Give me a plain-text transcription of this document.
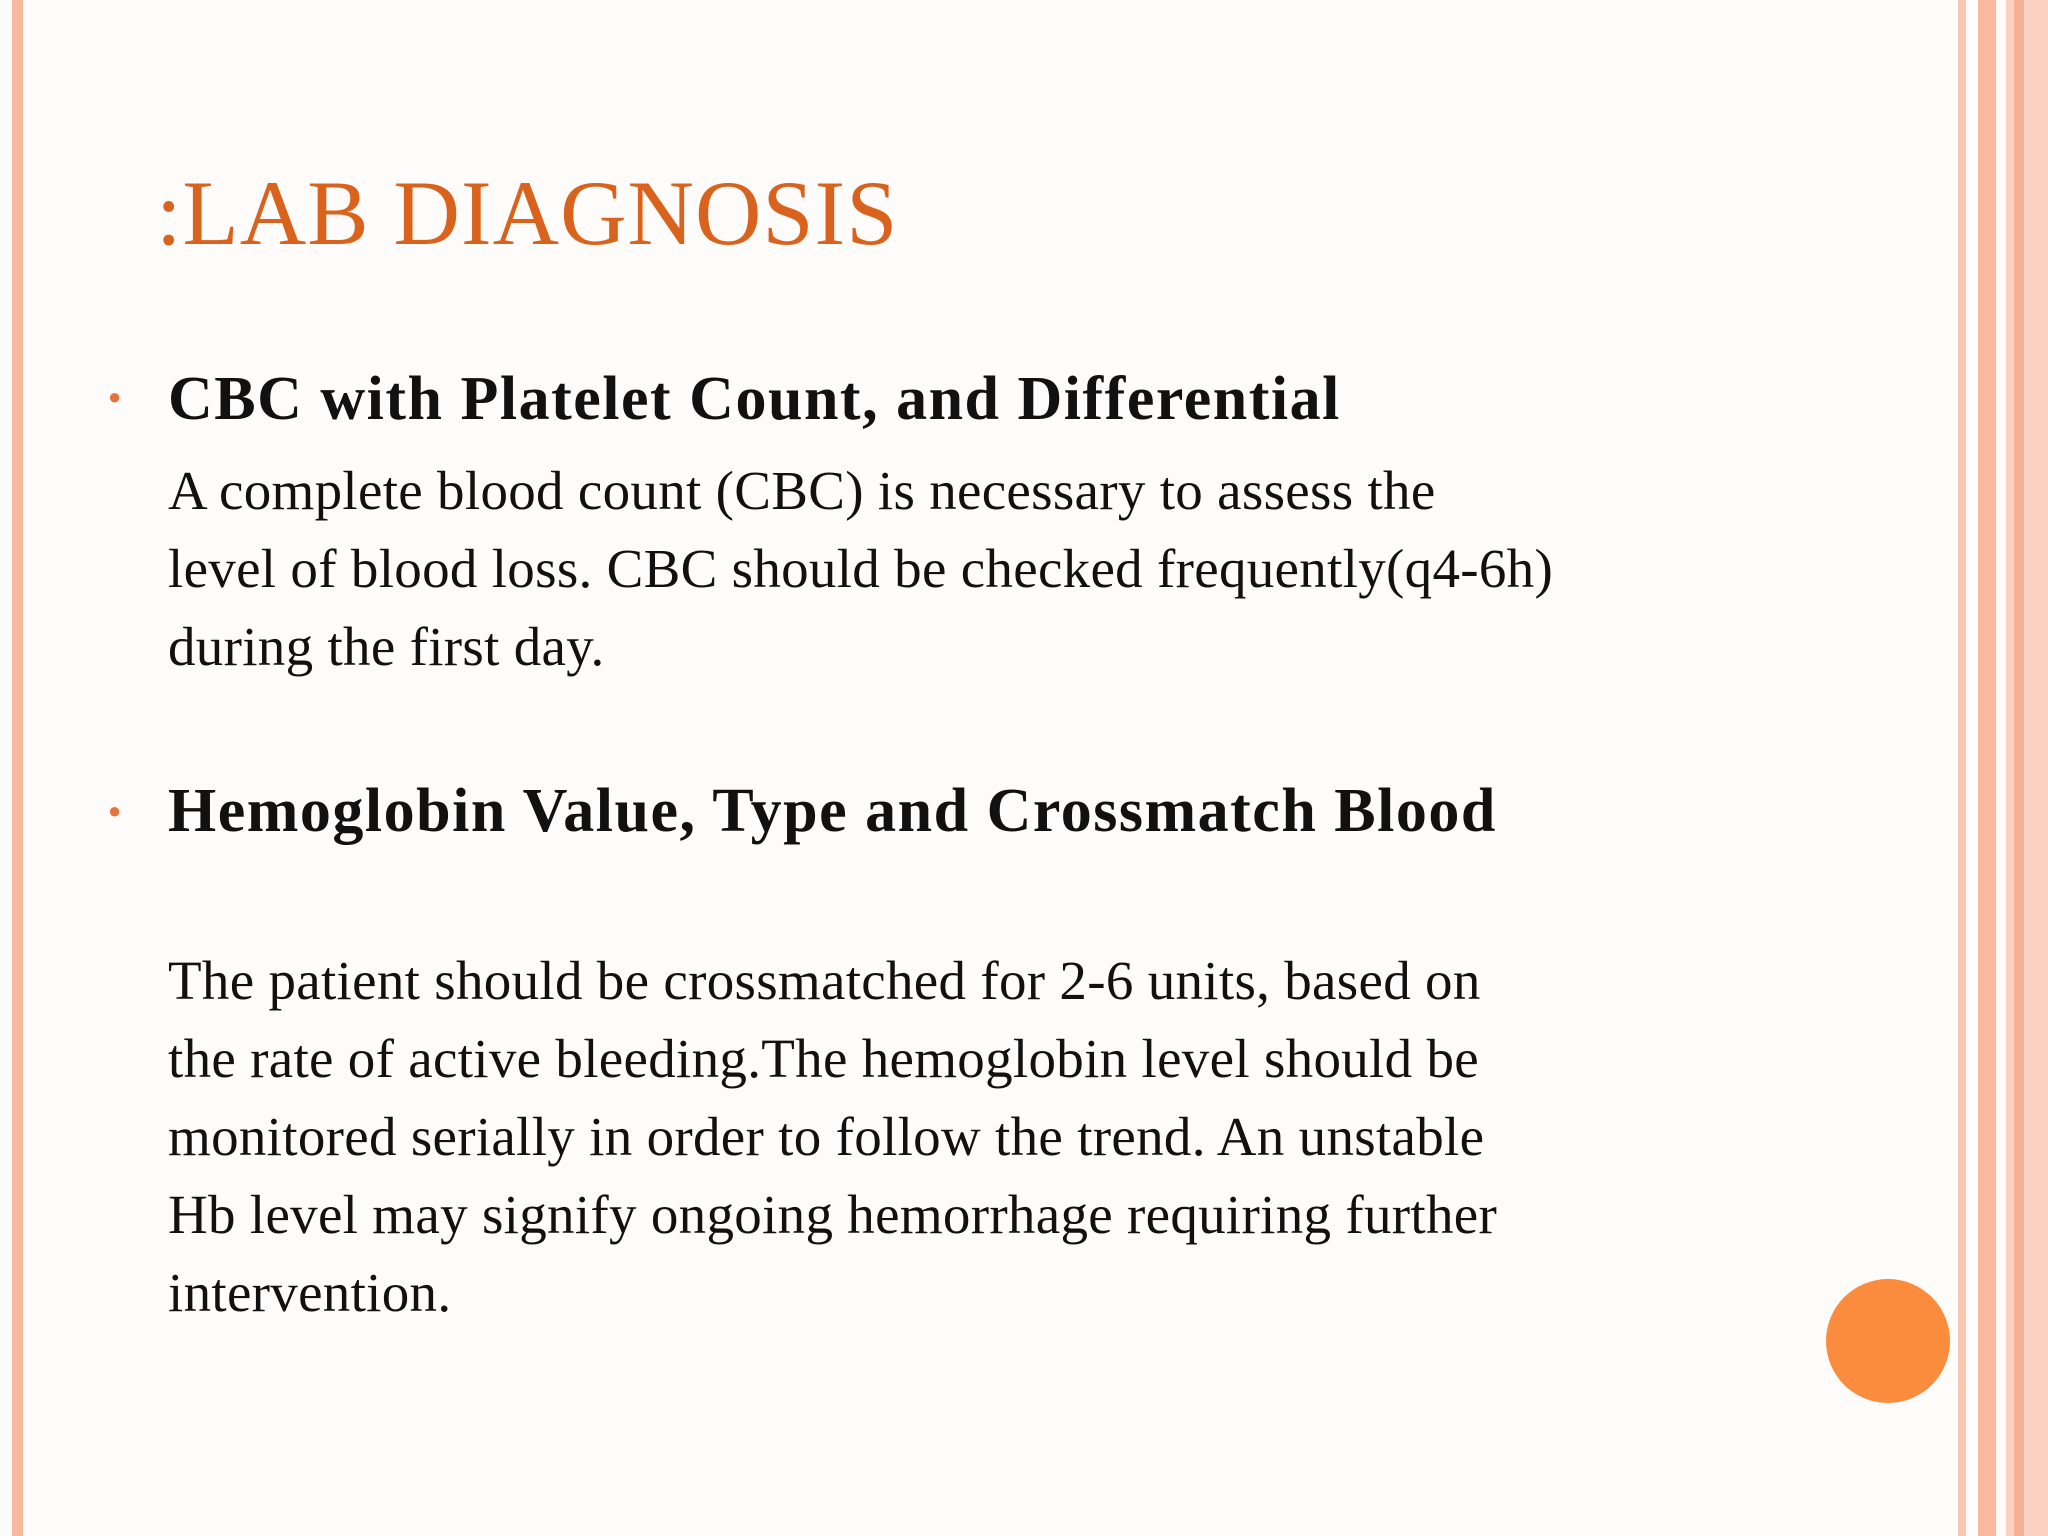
:LAB DIAGNOSIS
● CBC with Platelet Count, and Differential
A complete blood count (CBC) is necessary to assess the
level of blood loss. CBC should be checked frequently(q4-6h)
during the first day.
● Hemoglobin Value, Type and Crossmatch Blood
The patient should be crossmatched for 2-6 units, based on
the rate of active bleeding.The hemoglobin level should be
monitored serially in order to follow the trend. An unstable
Hb level may signify ongoing hemorrhage requiring further
intervention.
